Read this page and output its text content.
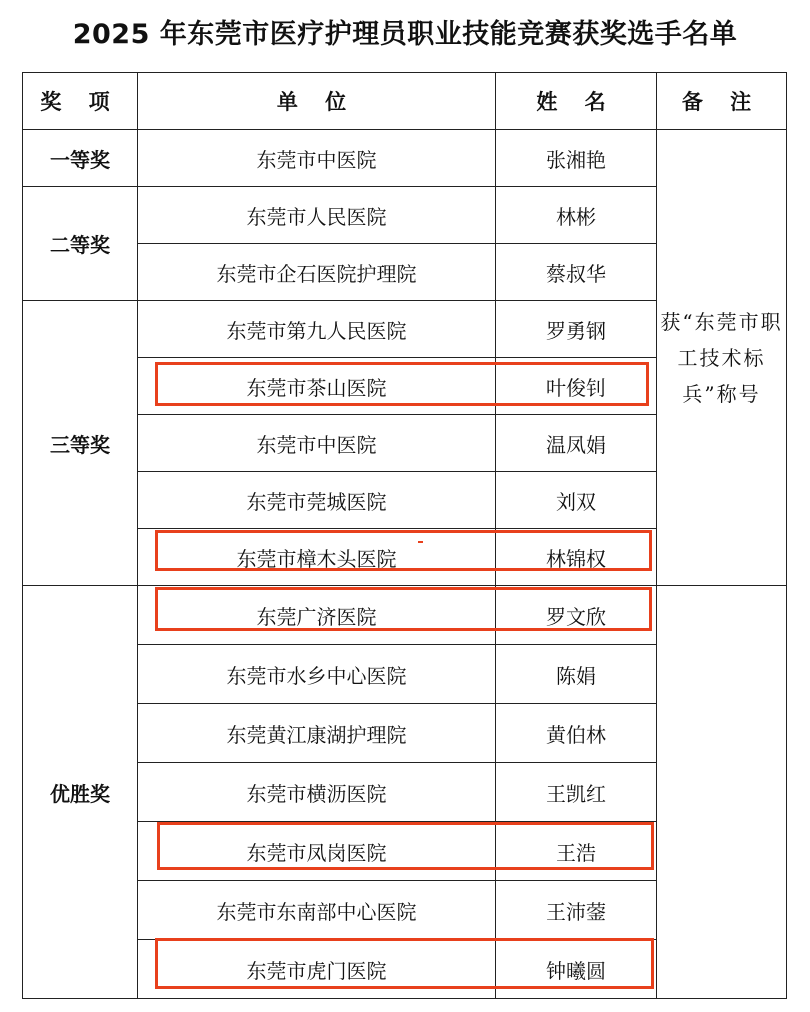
2025 年东莞市医疗护理员职业技能竞赛获奖选手名单
奖 项	单 位	姓 名	备 注
一等奖	东莞市中医院	张湘艳	获“东莞市职工技术标兵”称号
二等奖	东莞市人民医院	林彬	
	东莞市企石医院护理院	蔡叔华	
三等奖	东莞市第九人民医院	罗勇钢	
	东莞市茶山医院	叶俊钊	
	东莞市中医院	温凤娟	
	东莞市莞城医院	刘双	
	东莞市樟木头医院	林锦权	
优胜奖	东莞广济医院	罗文欣	
	东莞市水乡中心医院	陈娟	
	东莞黄江康湖护理院	黄伯林	
	东莞市横沥医院	王凯红	
	东莞市凤岗医院	王浩	
	东莞市东南部中心医院	王沛蓥	
	东莞市虎门医院	钟曦圆	
